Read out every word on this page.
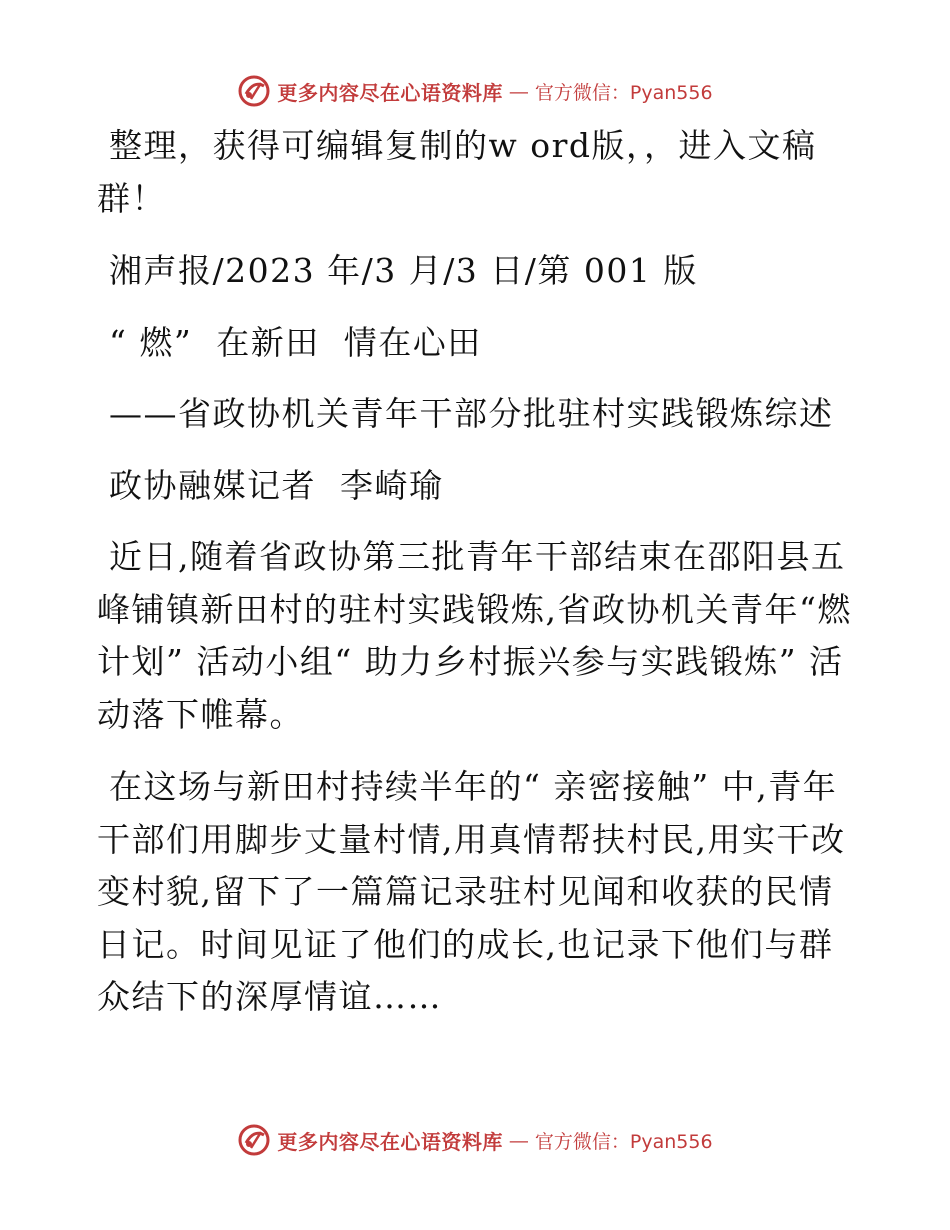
更多内容尽在心语资料库 — 官方微信：Pyan556

整理，获得可编辑复制的w ord版，，进入文稿群！

湘声报/2023 年/3 月/3 日/第 001 版

“ 燃”  在新田  情在心田

——省政协机关青年干部分批驻村实践锻炼综述

政协融媒记者  李崎瑜

近日,随着省政协第三批青年干部结束在邵阳县五峰铺镇新田村的驻村实践锻炼,省政协机关青年“燃计划” 活动小组“ 助力乡村振兴参与实践锻炼” 活动落下帷幕。

在这场与新田村持续半年的“ 亲密接触” 中,青年干部们用脚步丈量村情,用真情帮扶村民,用实干改变村貌,留下了一篇篇记录驻村见闻和收获的民情日记。时间见证了他们的成长,也记录下他们与群众结下的深厚情谊……

更多内容尽在心语资料库 — 官方微信：Pyan556
